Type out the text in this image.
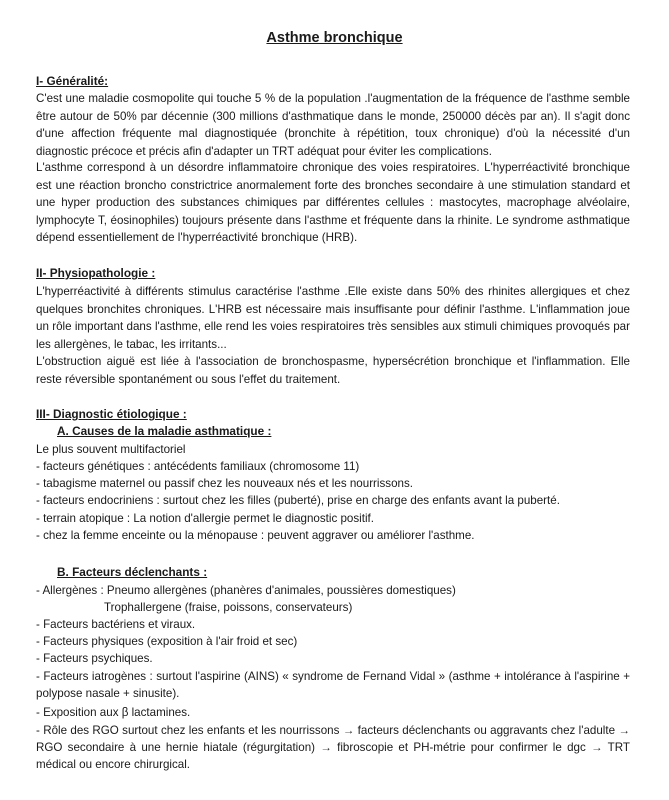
Asthme bronchique
I- Généralité:
C'est une maladie cosmopolite qui touche 5 % de la population .l'augmentation de la fréquence de l'asthme semble être autour de 50% par décennie (300 millions d'asthmatique dans le monde, 250000 décès par an). Il s'agit donc d'une affection fréquente mal diagnostiquée (bronchite à répétition, toux chronique) d'où la nécessité d'un diagnostic précoce et précis afin d'adapter un TRT adéquat pour éviter les complications.
L'asthme correspond à un désordre inflammatoire chronique des voies respiratoires. L'hyperréactivité bronchique est une réaction broncho constrictrice anormalement forte des bronches secondaire à une stimulation standard et une hyper production des substances chimiques par différentes cellules : mastocytes, macrophage alvéolaire, lymphocyte T, éosinophiles) toujours présente dans l'asthme et fréquente dans la rhinite. Le syndrome asthmatique dépend essentiellement de l'hyperréactivité bronchique (HRB).
II- Physiopathologie :
L'hyperréactivité à différents stimulus caractérise l'asthme .Elle existe dans 50% des rhinites allergiques et chez quelques bronchites chroniques. L'HRB est nécessaire mais insuffisante pour définir l'asthme. L'inflammation joue un rôle important dans l'asthme, elle rend les voies respiratoires très sensibles aux stimuli chimiques provoqués par les allergènes, le tabac, les irritants...
L'obstruction aiguë est liée à l'association de bronchospasme, hypersécrétion bronchique et l'inflammation. Elle reste réversible spontanément ou sous l'effet du traitement.
III- Diagnostic étiologique :
A. Causes de la maladie asthmatique :
Le plus souvent multifactoriel
- facteurs génétiques : antécédents familiaux (chromosome 11)
- tabagisme maternel ou passif chez les nouveaux nés et les nourrissons.
- facteurs endocriniens : surtout chez les filles (puberté), prise en charge des enfants avant la puberté.
- terrain atopique : La notion d'allergie permet le diagnostic positif.
- chez la femme enceinte ou la ménopause : peuvent aggraver ou améliorer l'asthme.
B. Facteurs déclenchants :
- Allergènes : Pneumo allergènes (phanères d'animales, poussières domestiques)
Trophallergene (fraise, poissons, conservateurs)
- Facteurs bactériens et viraux.
- Facteurs physiques (exposition à l'air froid et sec)
- Facteurs psychiques.
- Facteurs iatrogènes : surtout l'aspirine (AINS) « syndrome de Fernand Vidal » (asthme + intolérance à l'aspirine + polypose nasale + sinusite).
- Exposition aux β lactamines.
- Rôle des RGO surtout chez les enfants et les nourrissons → facteurs déclenchants ou aggravants chez l'adulte → RGO secondaire à une hernie hiatale (régurgitation) → fibroscopie et PH-métrie pour confirmer le dgc → TRT médical ou encore chirurgical.
